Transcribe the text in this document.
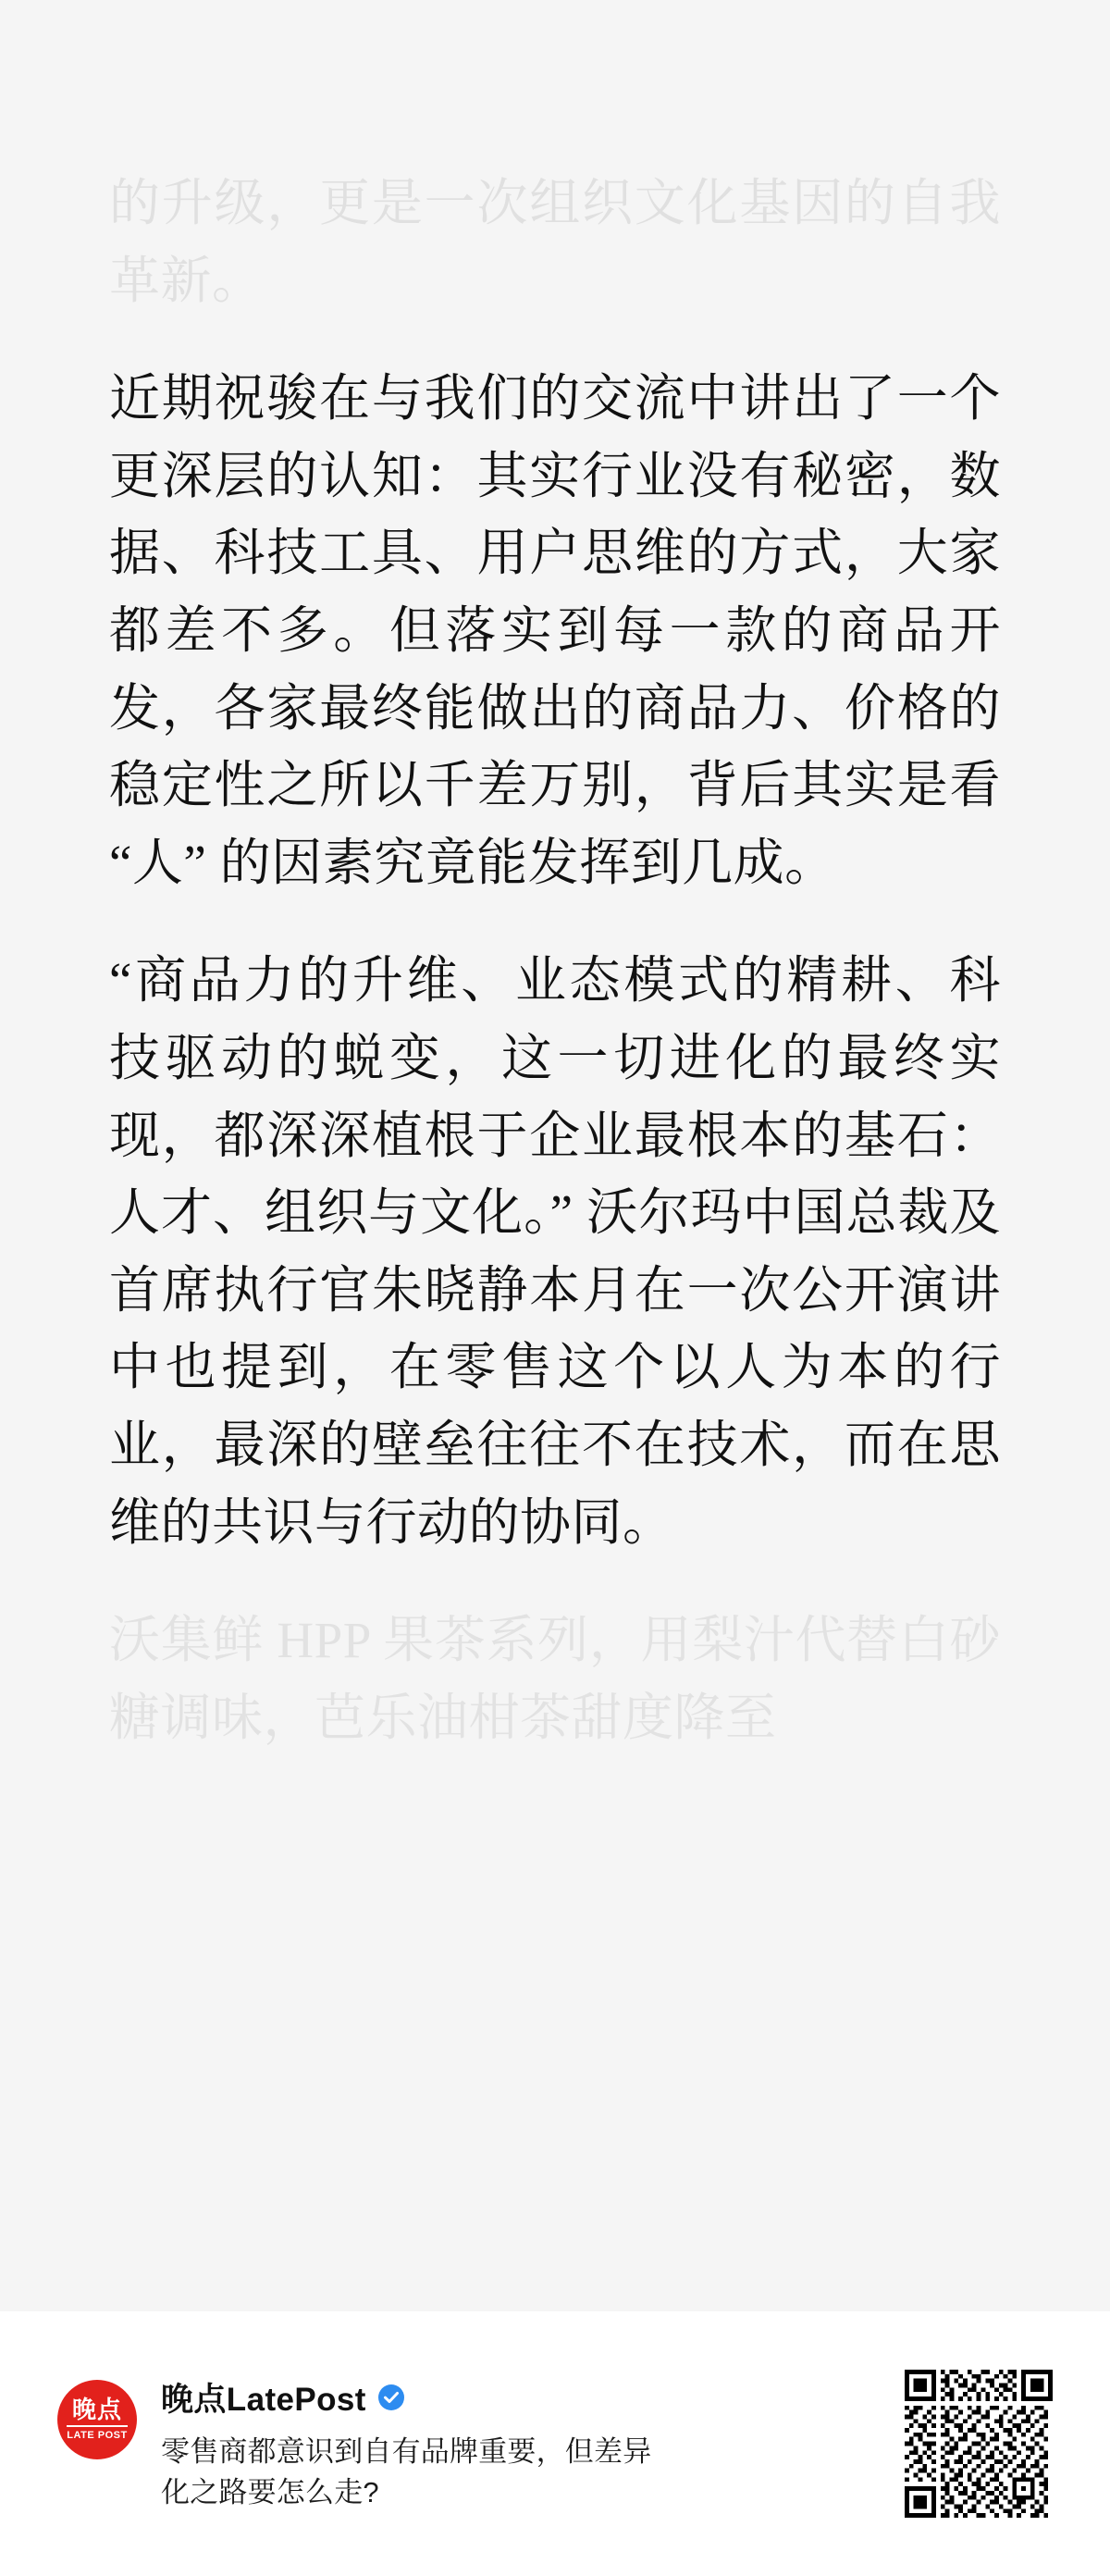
的升级，更是一次组织文化基因的自我革新。

近期祝骏在与我们的交流中讲出了一个更深层的认知：其实行业没有秘密，数据、科技工具、用户思维的方式，大家都差不多。但落实到每一款的商品开发，各家最终能做出的商品力、价格的稳定性之所以千差万别，背后其实是看 “人” 的因素究竟能发挥到几成。

“商品力的升维、业态模式的精耕、科技驱动的蜕变，这一切进化的最终实现，都深深植根于企业最根本的基石：人才、组织与文化。” 沃尔玛中国总裁及首席执行官朱晓静本月在一次公开演讲中也提到，在零售这个以人为本的行业，最深的壁垒往往不在技术，而在思维的共识与行动的协同。

沃集鲜 HPP 果茶系列，用梨汁代替白砂糖调味，芭乐油柑茶甜度降至

晚点
LATE POST
晚点LatePost
零售商都意识到自有品牌重要，但差异化之路要怎么走?
